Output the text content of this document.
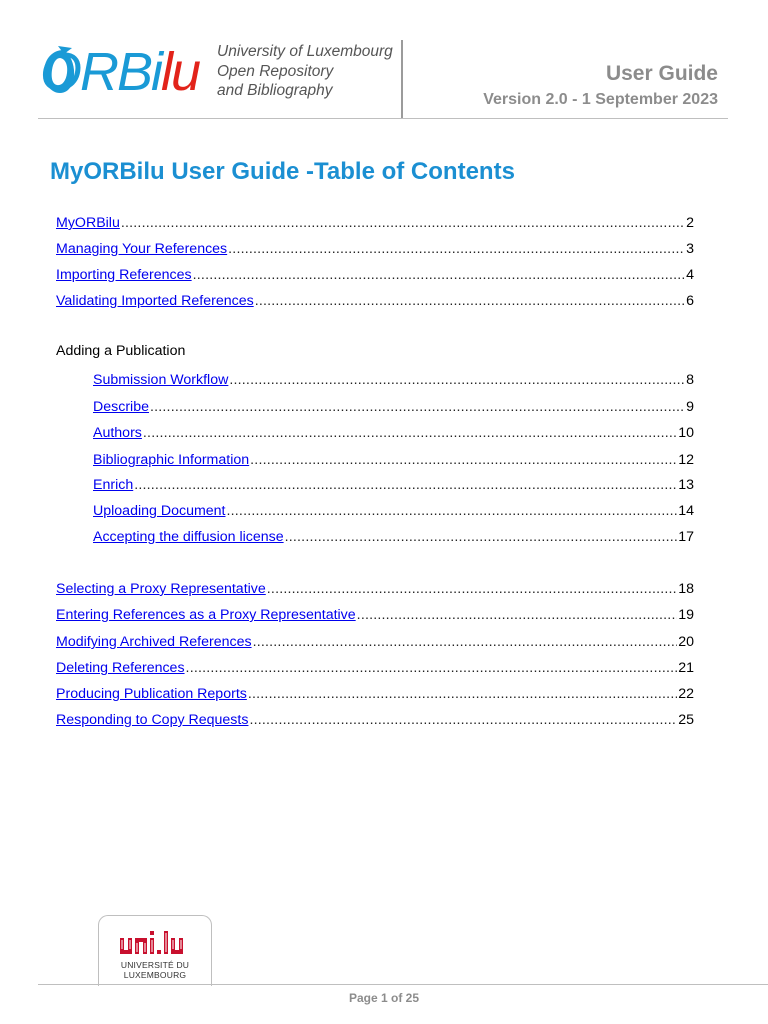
ORBilu University of Luxembourg
Open Repository
and Bibliography
User Guide
Version 2.0 - 1 September 2023
MyORBilu User Guide -Table of Contents
MyORBilu .....	2
Managing Your References .....	3
Importing References .....	4
Validating Imported References .....	6
Adding a Publication
Submission Workflow .....	8
Describe .....	9
Authors .....	10
Bibliographic Information .....	12
Enrich .....	13
Uploading Document .....	14
Accepting the diffusion license .....	17
Selecting a Proxy Representative .....	18
Entering References as a Proxy Representative .....	19
Modifying Archived References .....	20
Deleting References .....	21
Producing Publication Reports .....	22
Responding to Copy Requests .....	25
UNIVERSITÉ DU
LUXEMBOURG
Page 1 of 25
